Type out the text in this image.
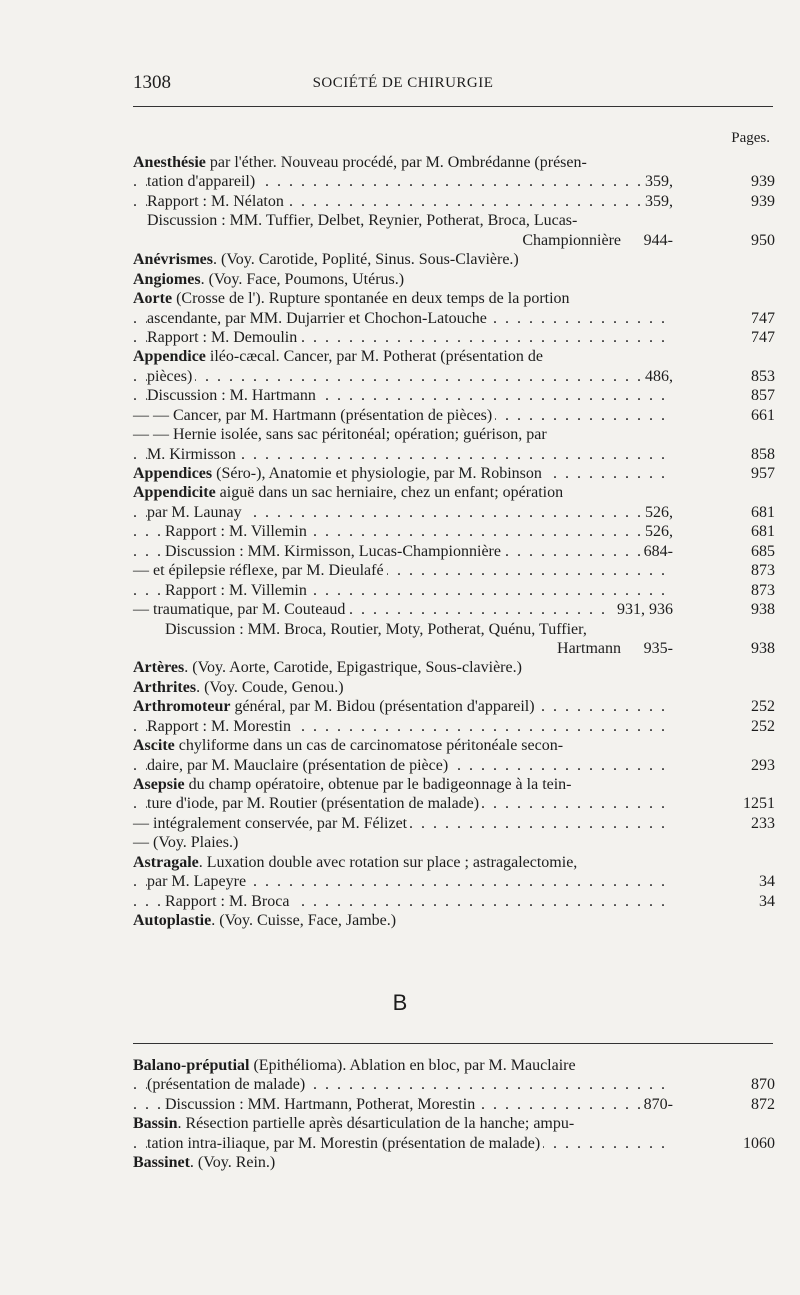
1308	SOCIÉTÉ DE CHIRURGIE
Pages.
Anesthésie par l'éther. Nouveau procédé, par M. Ombrédanne (présen-
. . . tation d'appareil)	359,	939
. . . Rapport : M. Nélaton	359,	939
Discussion : MM. Tuffier, Delbet, Reynier, Potherat, Broca, Lucas-
Championnière 944-	950
Anévrismes. (Voy. Carotide, Poplité, Sinus. Sous-Clavière.)
Angiomes. (Voy. Face, Poumons, Utérus.)
Aorte (Crosse de l'). Rupture spontanée en deux temps de la portion
. . . ascendante, par MM. Dujarrier et Chochon-Latouche	747
. . . Rapport : M. Demoulin	747
Appendice iléo-cæcal. Cancer, par M. Potherat (présentation de
. . . pièces)	486,	853
. . . Discussion : M. Hartmann	857
. . . — — Cancer, par M. Hartmann (présentation de pièces)	661
— — Hernie isolée, sans sac péritonéal; opération; guérison, par
. . . M. Kirmisson	858
. . . Appendices (Séro-), Anatomie et physiologie, par M. Robinson	957
Appendicite aiguë dans un sac herniaire, chez un enfant; opération
. . . par M. Launay	526,	681
. . . Rapport : M. Villemin	526,	681
. . . Discussion : MM. Kirmisson, Lucas-Championnière	684-	685
. . . — et épilepsie réflexe, par M. Dieulafé	873
. . . Rapport : M. Villemin	873
. . . — traumatique, par M. Couteaud	931, 936	938
Discussion : MM. Broca, Routier, Moty, Potherat, Quénu, Tuffier,
Hartmann 935-	938
Artères. (Voy. Aorte, Carotide, Epigastrique, Sous-clavière.)
Arthrites. (Voy. Coude, Genou.)
. . . Arthromoteur général, par M. Bidou (présentation d'appareil)	252
. . . Rapport : M. Morestin	252
Ascite chyliforme dans un cas de carcinomatose péritonéale secon-
. . . daire, par M. Mauclaire (présentation de pièce)	293
Asepsie du champ opératoire, obtenue par le badigeonnage à la tein-
. . . ture d'iode, par M. Routier (présentation de malade)	1251
. . . — intégralement conservée, par M. Félizet	233
— (Voy. Plaies.)
Astragale. Luxation double avec rotation sur place ; astragalectomie,
. . . par M. Lapeyre	34
. . . Rapport : M. Broca	34
Autoplastie. (Voy. Cuisse, Face, Jambe.)
B
Balano-préputial (Epithélioma). Ablation en bloc, par M. Mauclaire
. . . (présentation de malade)	870
. . . Discussion : MM. Hartmann, Potherat, Morestin	870-	872
Bassin. Résection partielle après désarticulation de la hanche; ampu-
. . . tation intra-iliaque, par M. Morestin (présentation de malade)	1060
Bassinet. (Voy. Rein.)
